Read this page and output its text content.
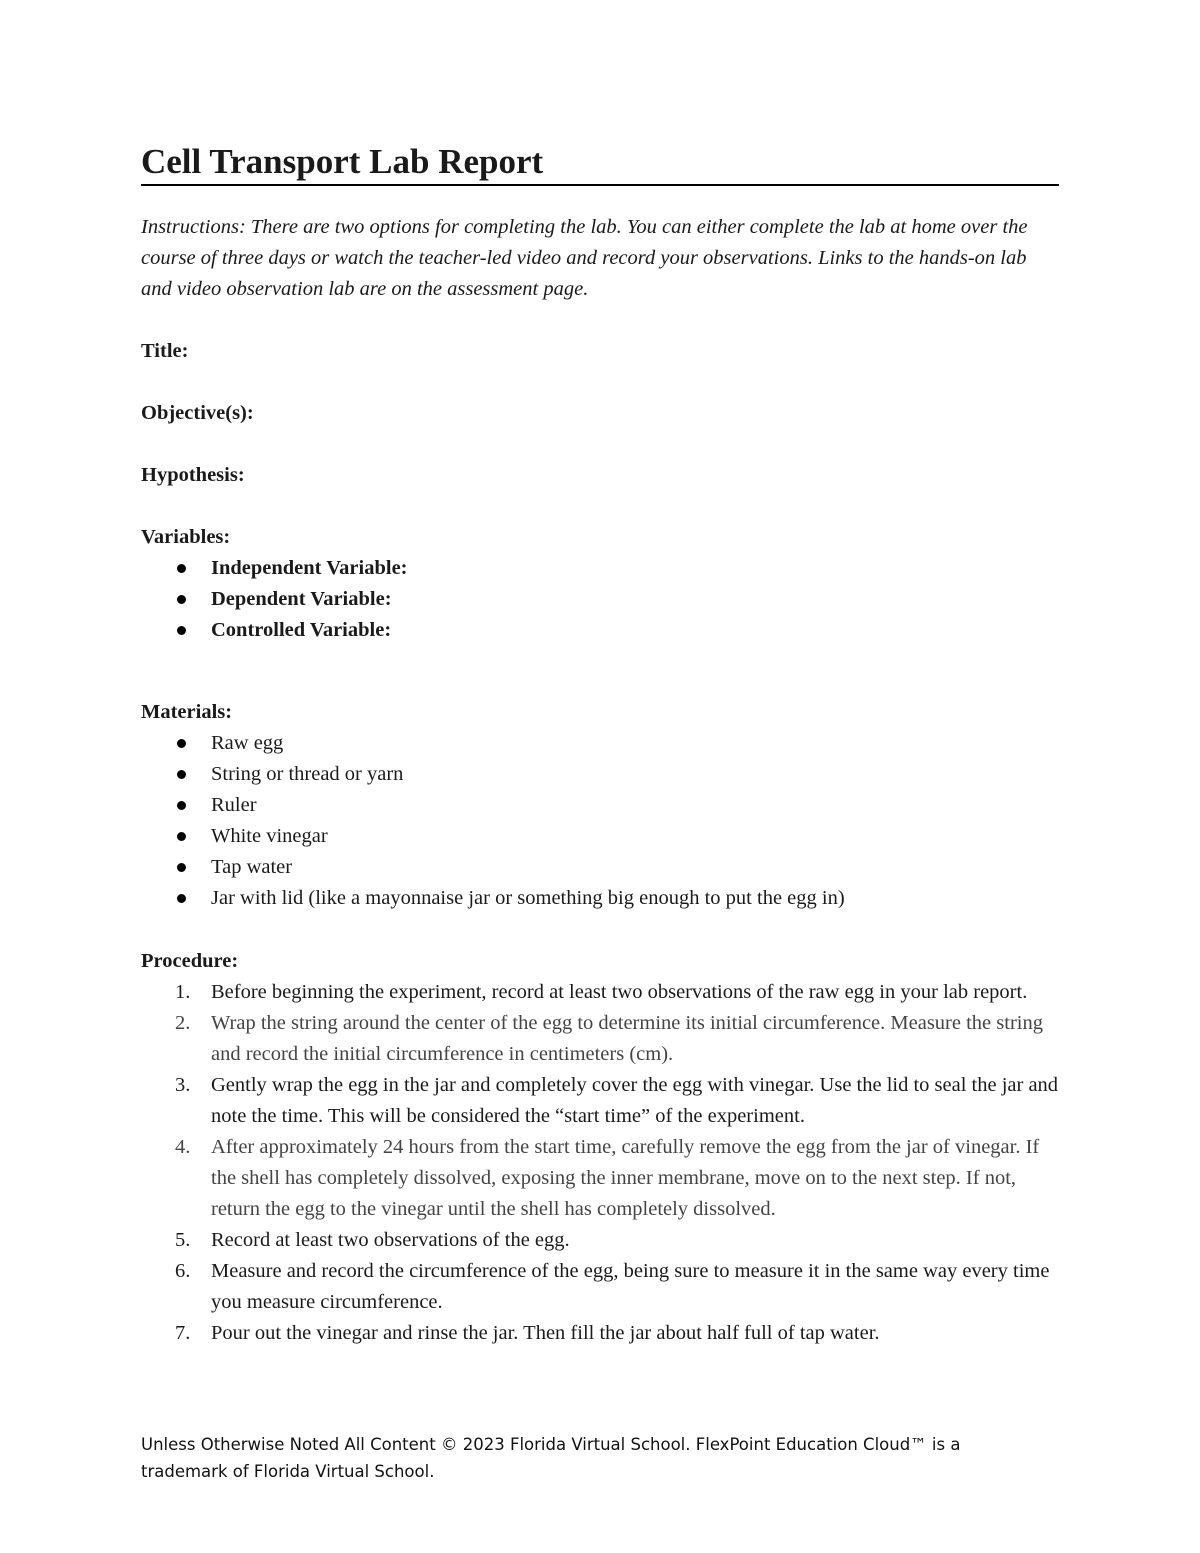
Cell Transport Lab Report

Instructions: There are two options for completing the lab. You can either complete the lab at home over the course of three days or watch the teacher-led video and record your observations. Links to the hands-on lab and video observation lab are on the assessment page.

Title:

Objective(s):

Hypothesis:

Variables:

Independent Variable:
Dependent Variable:
Controlled Variable:

Materials:

Raw egg
String or thread or yarn
Ruler
White vinegar
Tap water
Jar with lid (like a mayonnaise jar or something big enough to put the egg in)

Procedure:

1. Before beginning the experiment, record at least two observations of the raw egg in your lab report.
2. Wrap the string around the center of the egg to determine its initial circumference. Measure the string and record the initial circumference in centimeters (cm).
3. Gently wrap the egg in the jar and completely cover the egg with vinegar. Use the lid to seal the jar and note the time. This will be considered the “start time” of the experiment.
4. After approximately 24 hours from the start time, carefully remove the egg from the jar of vinegar. If the shell has completely dissolved, exposing the inner membrane, move on to the next step. If not, return the egg to the vinegar until the shell has completely dissolved.
5. Record at least two observations of the egg.
6. Measure and record the circumference of the egg, being sure to measure it in the same way every time you measure circumference.
7. Pour out the vinegar and rinse the jar. Then fill the jar about half full of tap water.

Unless Otherwise Noted All Content © 2023 Florida Virtual School. FlexPoint Education Cloud™ is a trademark of Florida Virtual School.
